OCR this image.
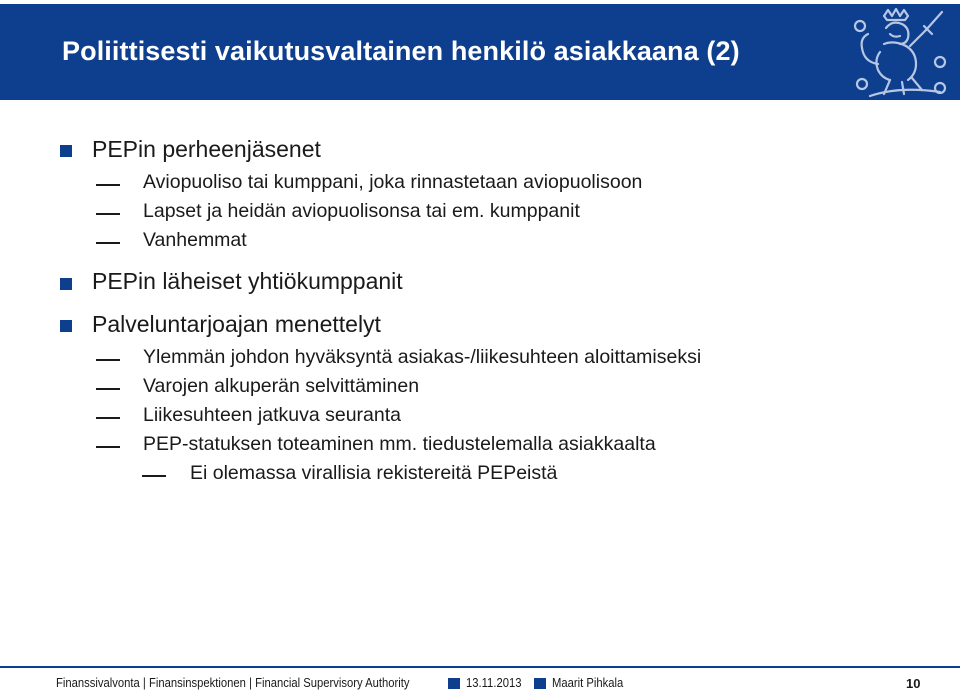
Poliittisesti vaikutusvaltainen henkilö asiakkaana (2)
PEPin perheenjäsenet
Aviopuoliso tai kumppani, joka rinnastetaan aviopuolisoon
Lapset ja heidän aviopuolisonsa tai em. kumppanit
Vanhemmat
PEPin läheiset yhtiökumppanit
Palveluntarjoajan menettelyt
Ylemmän johdon hyväksyntä asiakas-/liikesuhteen aloittamiseksi
Varojen alkuperän selvittäminen
Liikesuhteen jatkuva seuranta
PEP-statuksen toteaminen mm. tiedustelemalla asiakkaalta
Ei olemassa virallisia rekistereitä PEPeistä
Finanssivalvonta | Finansinspektionen | Financial Supervisory Authority	13.11.2013 Maarit Pihkala	10
